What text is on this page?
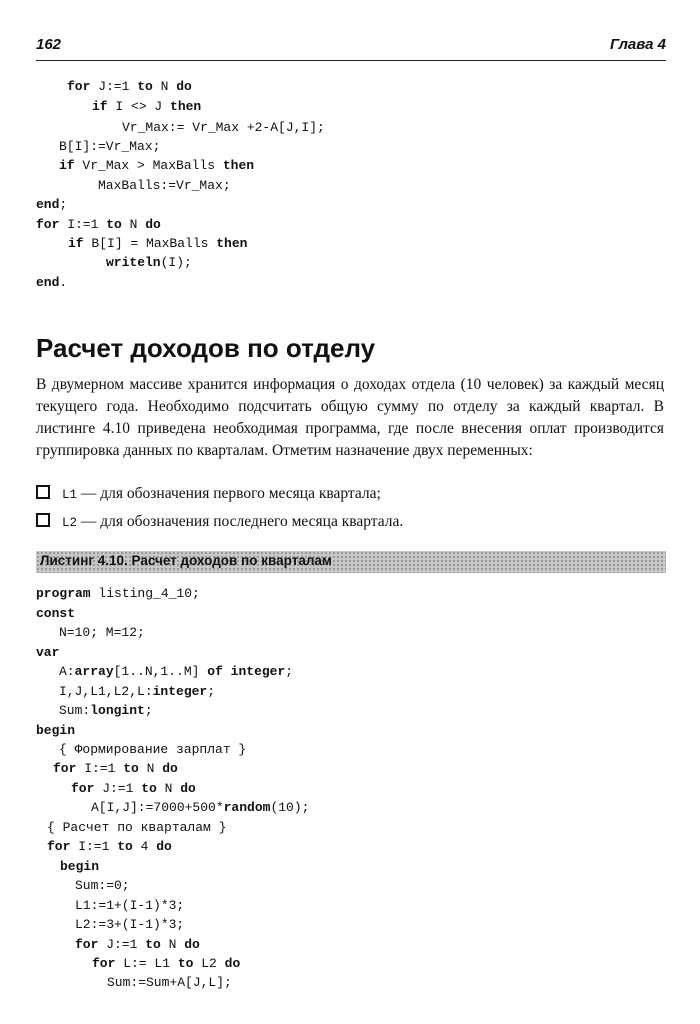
162	Глава 4
for J:=1 to N do
if I <> J then
Vr_Max:= Vr_Max +2-A[J,I];
B[I]:=Vr_Max;
if Vr_Max > MaxBalls then
MaxBalls:=Vr_Max;
end;
for I:=1 to N do
if B[I] = MaxBalls then
writeln(I);
end.
Расчет доходов по отделу
В двумерном массиве хранится информация о доходах отдела (10 человек) за каждый месяц текущего года. Необходимо подсчитать общую сумму по отделу за каждый квартал. В листинге 4.10 приведена необходимая программа, где после внесения оплат производится группировка данных по кварталам. Отметим назначение двух переменных:
L1 — для обозначения первого месяца квартала;
L2 — для обозначения последнего месяца квартала.
Листинг 4.10. Расчет доходов по кварталам
program listing_4_10;
const
N=10; M=12;
var
A:array[1..N,1..M] of integer;
I,J,L1,L2,L:integer;
Sum:longint;
begin
{ Формирование зарплат }
for I:=1 to N do
for J:=1 to N do
A[I,J]:=7000+500*random(10);
{ Расчет по кварталам }
for I:=1 to 4 do
begin
Sum:=0;
L1:=1+(I-1)*3;
L2:=3+(I-1)*3;
for J:=1 to N do
for L:= L1 to L2 do
Sum:=Sum+A[J,L];
